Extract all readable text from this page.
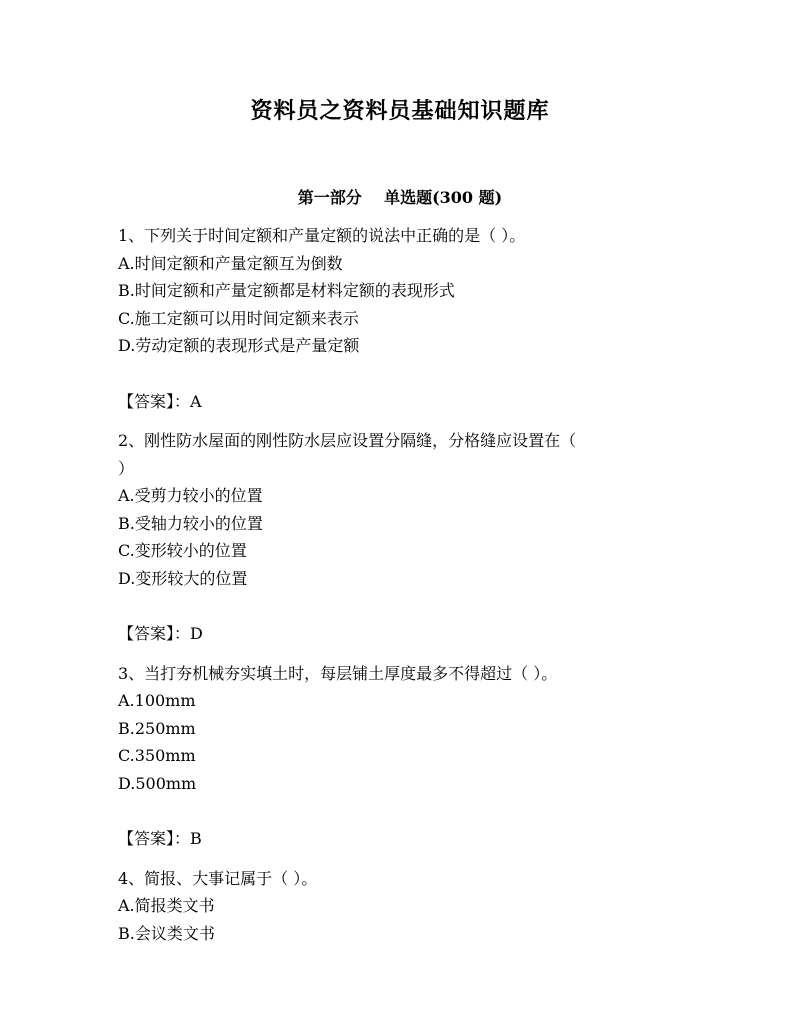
资料员之资料员基础知识题库
第一部分    单选题(300 题)
1、下列关于时间定额和产量定额的说法中正确的是（ ）。
A.时间定额和产量定额互为倒数
B.时间定额和产量定额都是材料定额的表现形式
C.施工定额可以用时间定额来表示
D.劳动定额的表现形式是产量定额
【答案】：A
2、刚性防水屋面的刚性防水层应设置分隔缝，分格缝应设置在（
）
A.受剪力较小的位置
B.受轴力较小的位置
C.变形较小的位置
D.变形较大的位置
【答案】：D
3、当打夯机械夯实填土时，每层铺土厚度最多不得超过（ ）。
A.100mm
B.250mm
C.350mm
D.500mm
【答案】：B
4、简报、大事记属于（ ）。
A.简报类文书
B.会议类文书
